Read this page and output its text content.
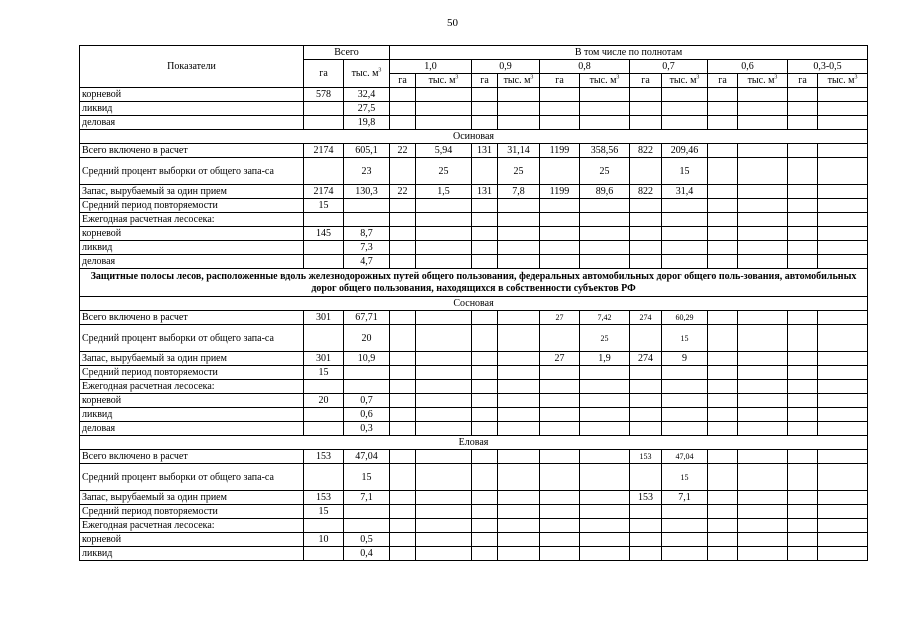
50
Показатели	Всего		В том числе по полнотам											
	га	тыс. $м^3$	1,0		0,9		0,8		0,7		0,6		0,3-0,5	
			га	тыс. $м^3$	га	тыс. $м^3$	га	тыс. $м^3$	га	тыс. $м^3$	га	тыс. $м^3$	га	тыс. $м^3$
корневой	578	32,4												
ликвид		27,5												
деловая		19,8												
Осиновая														
Всего включено в расчет	2174	605,1	22	5,94	131	31,14	1199	358,56	822	209,46				
Средний процент выборки от общего запа-са		23		25		25		25		15				
Запас, вырубаемый за один прием	2174	130,3	22	1,5	131	7,8	1199	89,6	822	31,4				
Средний период повторяемости	15													
Ежегодная расчетная лесосека:														
корневой	145	8,7												
ликвид		7,3												
деловая		4,7												
Защитные полосы лесов, расположенные вдоль железнодорожных путей общего пользования, федеральных автомобильных дорог общего поль-зования, автомобильных дорог общего пользования, находящихся в собственности субъектов РФ														
Сосновая														
Всего включено в расчет	301	67,71					27	7,42	274	60,29				
Средний процент выборки от общего запа-са		20						25		15				
Запас, вырубаемый за один прием	301	10,9					27	1,9	274	9				
Средний период повторяемости	15													
Ежегодная расчетная лесосека:														
корневой	20	0,7												
ликвид		0,6												
деловая		0,3												
Еловая														
Всего включено в расчет	153	47,04							153	47,04				
Средний процент выборки от общего запа-са		15								15				
Запас, вырубаемый за один прием	153	7,1							153	7,1				
Средний период повторяемости	15													
Ежегодная расчетная лесосека:														
корневой	10	0,5												
ликвид		0,4												
